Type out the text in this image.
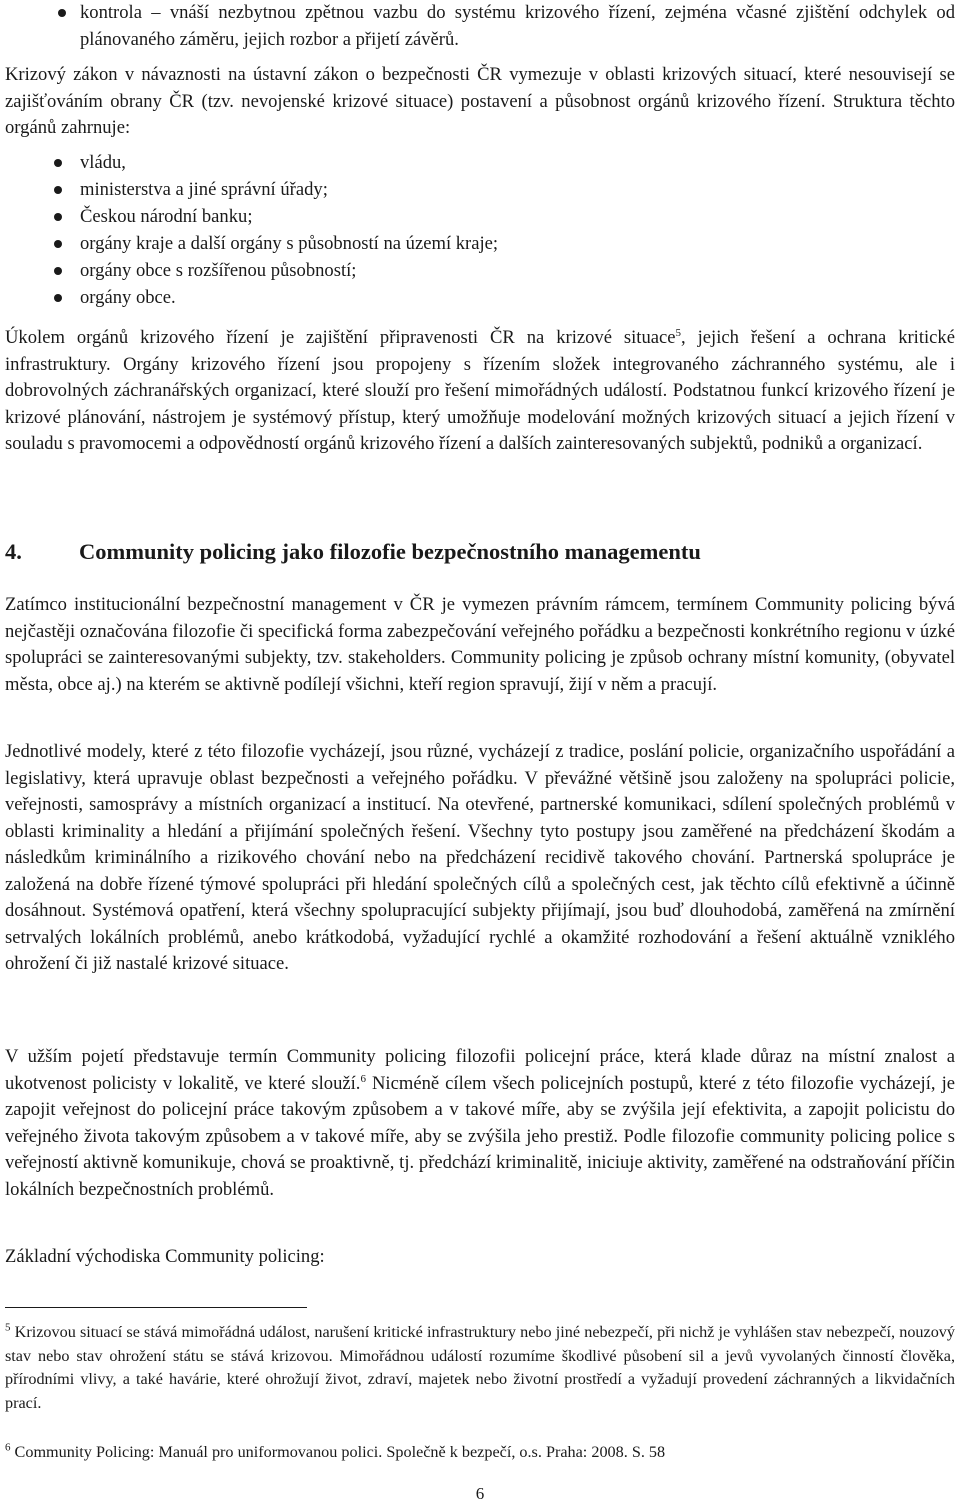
kontrola – vnáší nezbytnou zpětnou vazbu do systému krizového řízení, zejména včasné zjištění odchylek od plánovaného záměru, jejich rozbor a přijetí závěrů.
Krizový zákon v návaznosti na ústavní zákon o bezpečnosti ČR vymezuje v oblasti krizových situací, které nesouvisejí se zajišťováním obrany ČR (tzv. nevojenské krizové situace) postavení a působnost orgánů krizového řízení. Struktura těchto orgánů zahrnuje:
vládu,
ministerstva a jiné správní úřady;
Českou národní banku;
orgány kraje a další orgány s působností na území kraje;
orgány obce s rozšířenou působností;
orgány obce.
Úkolem orgánů krizového řízení je zajištění připravenosti ČR na krizové situace$^5$, jejich řešení a ochrana kritické infrastruktury. Orgány krizového řízení jsou propojeny s řízením složek integrovaného záchranného systému, ale i dobrovolných záchranářských organizací, které slouží pro řešení mimořádných událostí. Podstatnou funkcí krizového řízení je krizové plánování, nástrojem je systémový přístup, který umožňuje modelování možných krizových situací a jejich řízení v souladu s pravomocemi a odpovědností orgánů krizového řízení a dalších zainteresovaných subjektů, podniků a organizací.
4.	Community policing jako filozofie bezpečnostního managementu
Zatímco institucionální bezpečnostní management v ČR je vymezen právním rámcem, termínem Community policing bývá nejčastěji označována filozofie či specifická forma zabezpečování veřejného pořádku a bezpečnosti konkrétního regionu v úzké spolupráci se zainteresovanými subjekty, tzv. stakeholders. Community policing je způsob ochrany místní komunity, (obyvatel města, obce aj.) na kterém se aktivně podílejí všichni, kteří region spravují, žijí v něm a pracují.
Jednotlivé modely, které z této filozofie vycházejí, jsou různé, vycházejí z tradice, poslání policie, organizačního uspořádání a legislativy, která upravuje oblast bezpečnosti a veřejného pořádku. V převážné většině jsou založeny na spolupráci policie, veřejnosti, samosprávy a místních organizací a institucí. Na otevřené, partnerské komunikaci, sdílení společných problémů v oblasti kriminality a hledání a přijímání společných řešení. Všechny tyto postupy jsou zaměřené na předcházení škodám a následkům kriminálního a rizikového chování nebo na předcházení recidivě takového chování. Partnerská spolupráce je založená na dobře řízené týmové spolupráci při hledání společných cílů a společných cest, jak těchto cílů efektivně a účinně dosáhnout. Systémová opatření, která všechny spolupracující subjekty přijímají, jsou buď dlouhodobá, zaměřená na zmírnění setrvalých lokálních problémů, anebo krátkodobá, vyžadující rychlé a okamžité rozhodování a řešení aktuálně vzniklého ohrožení či již nastalé krizové situace.
V užším pojetí představuje termín Community policing filozofii policejní práce, která klade důraz na místní znalost a ukotvenost policisty v lokalitě, ve které slouží.$^6$ Nicméně cílem všech policejních postupů, které z této filozofie vycházejí, je zapojit veřejnost do policejní práce takovým způsobem a v takové míře, aby se zvýšila její efektivita, a zapojit policistu do veřejného života takovým způsobem a v takové míře, aby se zvýšila jeho prestiž. Podle filozofie community policing police s veřejností aktivně komunikuje, chová se proaktivně, tj. předchází kriminalitě, iniciuje aktivity, zaměřené na odstraňování příčin lokálních bezpečnostních problémů.
Základní východiska Community policing:
$^5$ Krizovou situací se stává mimořádná událost, narušení kritické infrastruktury nebo jiné nebezpečí, při nichž je vyhlášen stav nebezpečí, nouzový stav nebo stav ohrožení státu se stává krizovou. Mimořádnou událostí rozumíme škodlivé působení sil a jevů vyvolaných činností člověka, přírodními vlivy, a také havárie, které ohrožují život, zdraví, majetek nebo životní prostředí a vyžadují provedení záchranných a likvidačních prací.
$^6$ Community Policing: Manuál pro uniformovanou polici. Společně k bezpečí, o.s. Praha: 2008. S. 58
6
